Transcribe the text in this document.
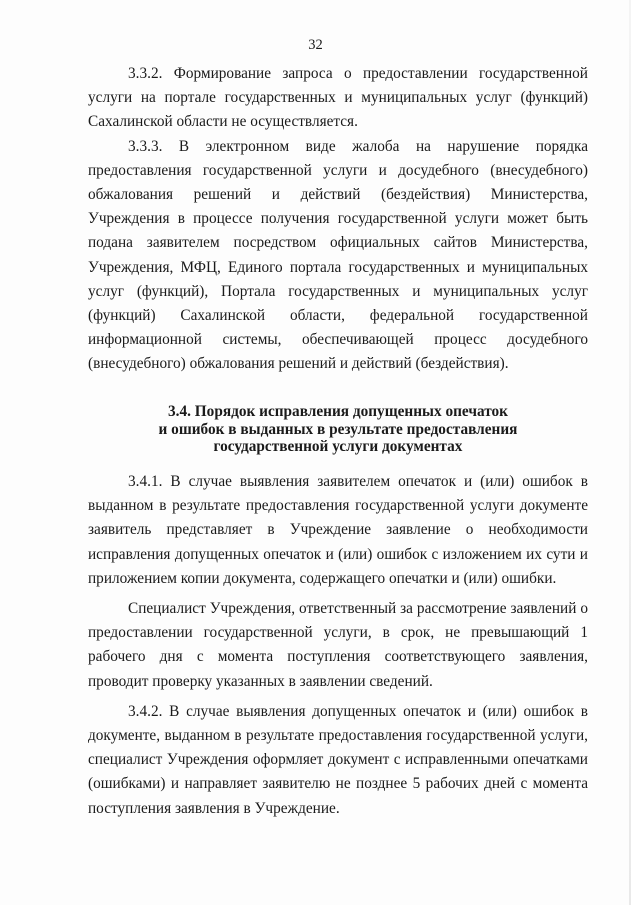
32

3.3.2. Формирование запроса о предоставлении государственной услуги на портале государственных и муниципальных услуг (функций) Сахалинской области не осуществляется.

3.3.3. В электронном виде жалоба на нарушение порядка предоставления государственной услуги и досудебного (внесудебного) обжалования решений и действий (бездействия) Министерства, Учреждения в процессе получения государственной услуги может быть подана заявителем посредством официальных сайтов Министерства, Учреждения, МФЦ, Единого портала государственных и муниципальных услуг (функций), Портала государственных и муниципальных услуг (функций) Сахалинской области, федеральной государственной информационной системы, обеспечивающей процесс досудебного (внесудебного) обжалования решений и действий (бездействия).

3.4. Порядок исправления допущенных опечаток
и ошибок в выданных в результате предоставления
государственной услуги документах

3.4.1. В случае выявления заявителем опечаток и (или) ошибок в выданном в результате предоставления государственной услуги документе заявитель представляет в Учреждение заявление о необходимости исправления допущенных опечаток и (или) ошибок с изложением их сути и приложением копии документа, содержащего опечатки и (или) ошибки.

Специалист Учреждения, ответственный за рассмотрение заявлений о предоставлении государственной услуги, в срок, не превышающий 1 рабочего дня с момента поступления соответствующего заявления, проводит проверку указанных в заявлении сведений.

3.4.2. В случае выявления допущенных опечаток и (или) ошибок в документе, выданном в результате предоставления государственной услуги, специалист Учреждения оформляет документ с исправленными опечатками (ошибками) и направляет заявителю не позднее 5 рабочих дней с момента поступления заявления в Учреждение.
